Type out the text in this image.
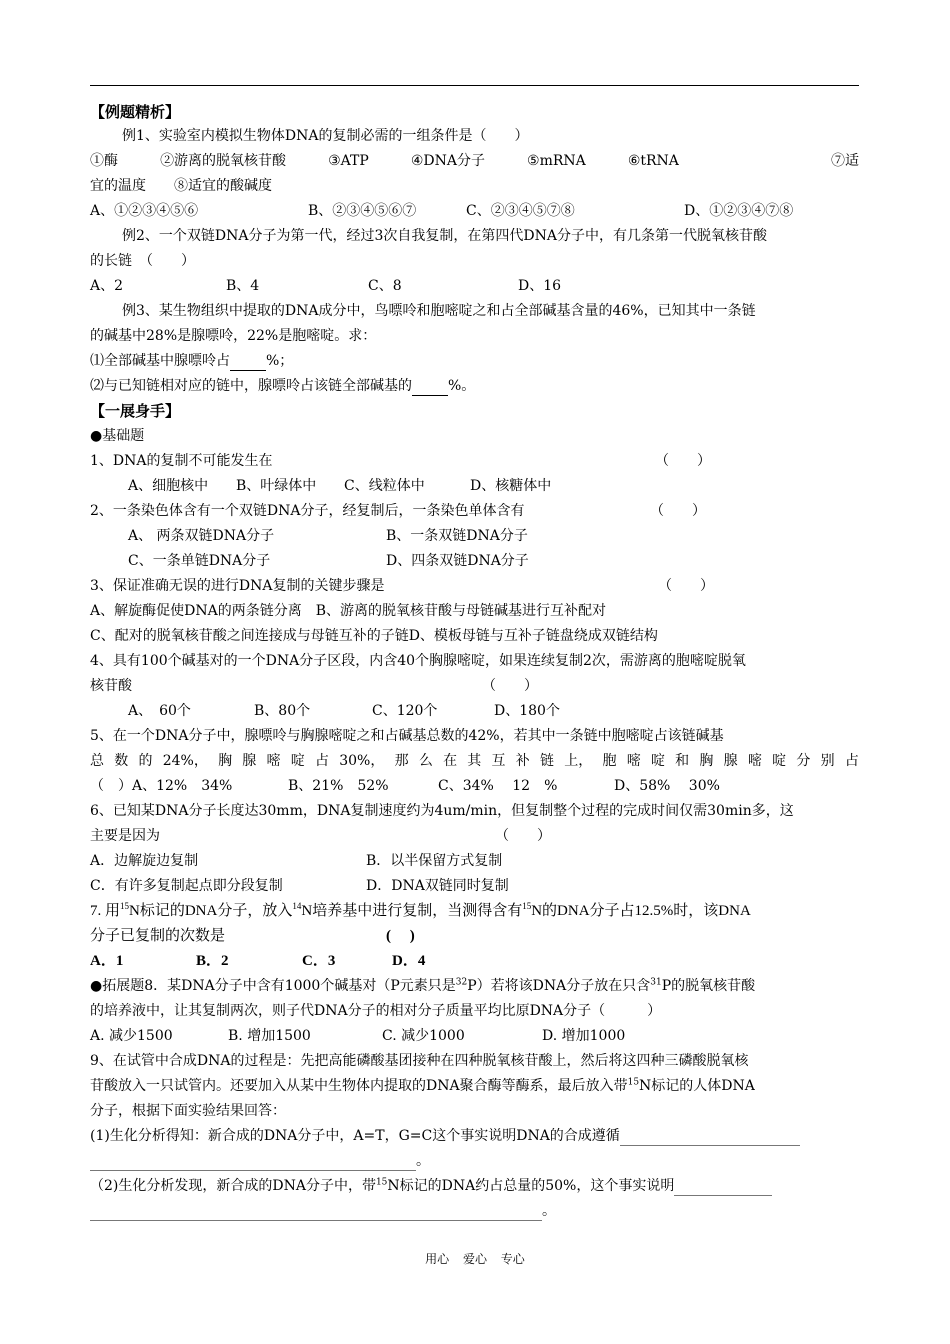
【例题精析】
例1、实验室内模拟生物体DNA的复制必需的一组条件是（　　）
①酶	②游离的脱氧核苷酸	③ATP	④DNA分子	⑤mRNA	⑥tRNA	⑦适
宜的温度　　⑧适宜的酸碱度
A、①②③④⑤⑥	B、②③④⑤⑥⑦	C、②③④⑤⑦⑧	D、①②③④⑦⑧
例2、一个双链DNA分子为第一代，经过3次自我复制，在第四代DNA分子中，有几条第一代脱氧核苷酸
的长链　（　　）
A、2	B、4	C、8	D、16
例3、某生物组织中提取的DNA成分中，鸟嘌呤和胞嘧啶之和占全部碱基含量的46%，已知其中一条链
的碱基中28%是腺嘌呤，22%是胞嘧啶。求：
⑴全部碱基中腺嘌呤占	%；
⑵与已知链相对应的链中，腺嘌呤占该链全部碱基的	%。
【一展身手】
●基础题
1、DNA的复制不可能发生在	（　　）
A、细胞核中 B、叶绿体中 C、线粒体中	D、核糖体中
2、一条染色体含有一个双链DNA分子，经复制后，一条染色单体含有	（　　）
A、 两条双链DNA分子	B、一条双链DNA分子
C、一条单链DNA分子	D、四条双链DNA分子
3、保证准确无误的进行DNA复制的关键步骤是	（　　）
A、解旋酶促使DNA的两条链分离　B、游离的脱氧核苷酸与母链碱基进行互补配对
C、配对的脱氧核苷酸之间连接成与母链互补的子链D、模板母链与互补子链盘绕成双链结构
4、具有100个碱基对的一个DNA分子区段，内含40个胸腺嘧啶，如果连续复制2次，需游离的胞嘧啶脱氧
核苷酸	（　　）
A、　60个	B、80个	C、120个	D、180个
5、在一个DNA分子中，腺嘌呤与胸腺嘧啶之和占碱基总数的42%，若其中一条链中胞嘧啶占该链碱基
总 数 的 24%， 胸 腺 嘧 啶 占 30%， 那 么 在 其 互 补 链 上， 胞 嘧 啶 和 胸 腺 嘧 啶 分 别 占
（　）A、12%　34%	B、21%　52%	C、34%　 12　%	D、58%　 30%
6、已知某DNA分子长度达30mm，DNA复制速度约为4um/min，但复制整个过程的完成时间仅需30min多，这
主要是因为	（　　）
A．边解旋边复制	B．以半保留方式复制
C．有许多复制起点即分段复制	D．DNA双链同时复制
7. 用$^{15}$N标记的DNA分子，放入$^{14}$N培养基中进行复制，当测得含有$^{15}$N的DNA分子占12.5%时，该DNA
分子已复制的次数是	( 　)
A．1	B．2	C．3	D．4
●拓展题8．某DNA分子中含有1000个碱基对（P元素只是$^{32}$P）若将该DNA分子放在只含$^{31}$P的脱氧核苷酸
的培养液中，让其复制两次，则子代DNA分子的相对分子质量平均比原DNA分子（　　　）
A. 减少1500	B. 增加1500	C. 减少1000	D. 增加1000
9、在试管中合成DNA的过程是：先把高能磷酸基团接种在四种脱氧核苷酸上，然后将这四种三磷酸脱氧核
苷酸放入一只试管内。还要加入从某中生物体内提取的DNA聚合酶等酶系，最后放入带$^{15}$N标记的人体DNA
分子，根据下面实验结果回答：
(1)生化分析得知：新合成的DNA分子中，A=T，G=C这个事实说明DNA的合成遵循
。
（2)生化分析发现，新合成的DNA分子中，带$^{15}$N标记的DNA约占总量的50%，这个事实说明
。
用心 爱心 专心
